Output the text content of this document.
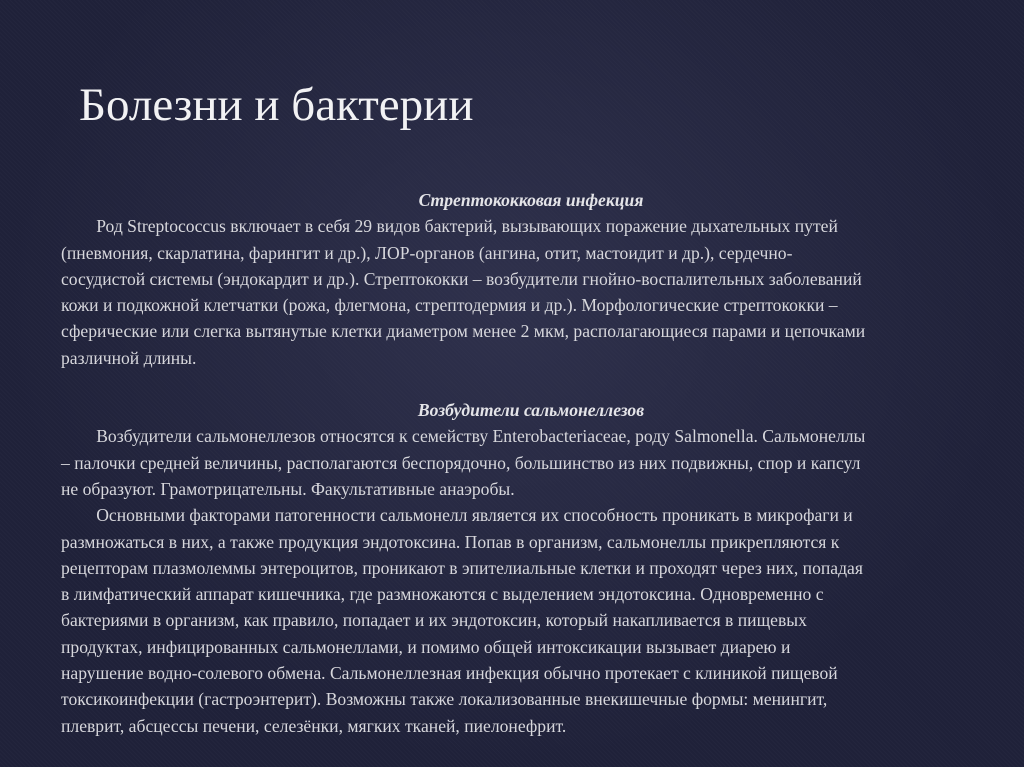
Болезни и бактерии

Стрептококковая инфекция

Род Streptococcus включает в себя 29 видов бактерий, вызывающих поражение дыхательных путей
(пневмония, скарлатина, фарингит и др.), ЛОР-органов (ангина, отит, мастоидит и др.), сердечно-
сосудистой системы (эндокардит и др.). Стрептококки – возбудители гнойно-воспалительных заболеваний
кожи и подкожной клетчатки (рожа, флегмона, стрептодермия и др.). Морфологические стрептококки –
сферические или слегка вытянутые клетки диаметром менее 2 мкм, располагающиеся парами и цепочками
различной длины.

Возбудители сальмонеллезов

Возбудители сальмонеллезов относятся к семейству Enterobacteriaceae, роду Salmonella. Сальмонеллы
– палочки средней величины, располагаются беспорядочно, большинство из них подвижны, спор и капсул
не образуют. Грамотрицательны. Факультативные анаэробы.
Основными факторами патогенности сальмонелл является их способность проникать в микрофаги и
размножаться в них, а также продукция эндотоксина. Попав в организм, сальмонеллы прикрепляются к
рецепторам плазмолеммы энтероцитов, проникают в эпителиальные клетки и проходят через них, попадая
в лимфатический аппарат кишечника, где размножаются с выделением эндотоксина. Одновременно с
бактериями в организм, как правило, попадает и их эндотоксин, который накапливается в пищевых
продуктах, инфицированных сальмонеллами, и помимо общей интоксикации вызывает диарею и
нарушение водно-солевого обмена. Сальмонеллезная инфекция обычно протекает с клиникой пищевой
токсикоинфекции (гастроэнтерит). Возможны также локализованные внекишечные формы: менингит,
плеврит, абсцессы печени, селезёнки, мягких тканей, пиелонефрит.
